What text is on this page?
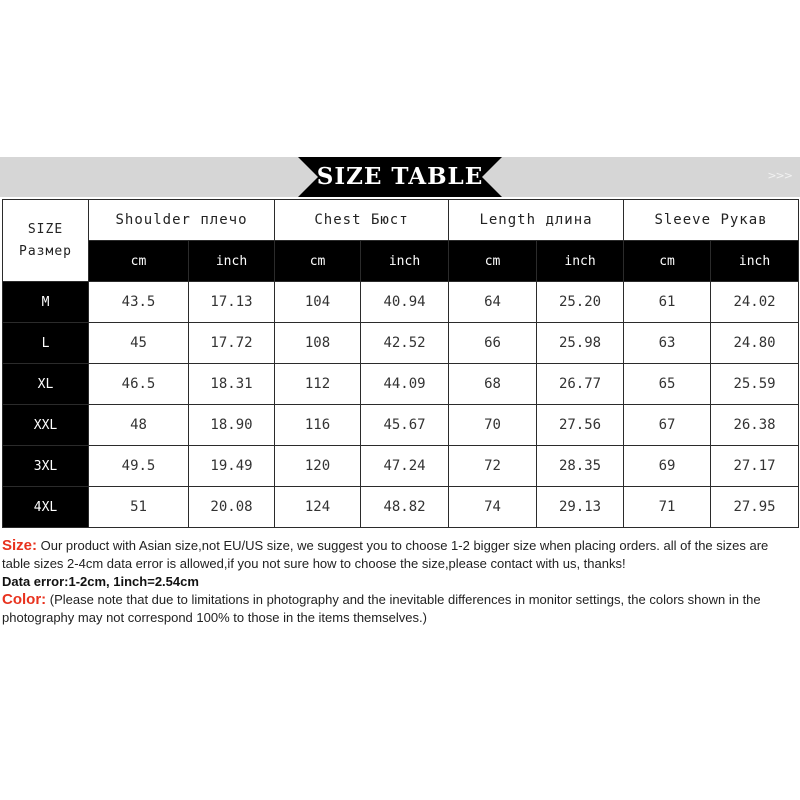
>>>
SIZE TABLE
SIZE
Размер	Shoulder плечо		Chest Бюст		Length длина		Sleeve Рукав	
	cm	inch	cm	inch	cm	inch	cm	inch
M	43.5	17.13	104	40.94	64	25.20	61	24.02
L	45	17.72	108	42.52	66	25.98	63	24.80
XL	46.5	18.31	112	44.09	68	26.77	65	25.59
XXL	48	18.90	116	45.67	70	27.56	67	26.38
3XL	49.5	19.49	120	47.24	72	28.35	69	27.17
4XL	51	20.08	124	48.82	74	29.13	71	27.95

Size: Our product with Asian size,not EU/US size, we suggest you to choose 1-2 bigger size when placing orders. all of the sizes are table sizes 2-4cm data error is allowed,if you not sure how to choose the size,please contact with us, thanks!

Data error:1-2cm, 1inch=2.54cm

Color: (Please note that due to limitations in photography and the inevitable differences in monitor settings, the colors shown in the photography may not correspond 100% to those in the items themselves.)
